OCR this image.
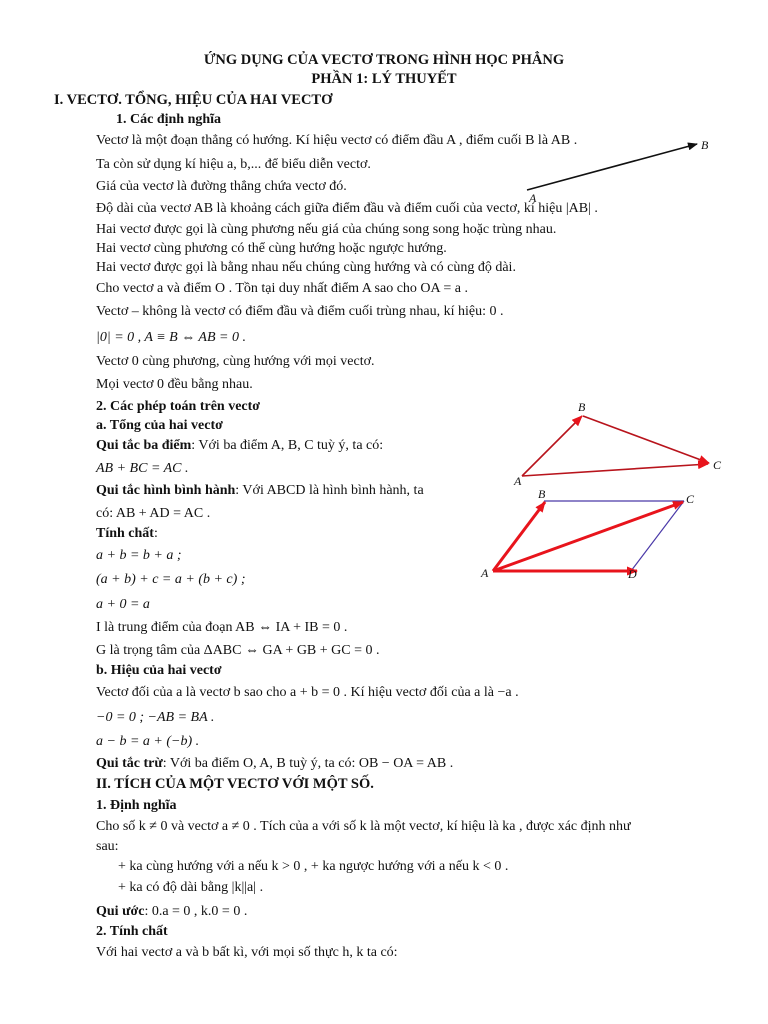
ỨNG DỤNG CỦA VECTƠ TRONG HÌNH HỌC PHẲNG
PHẦN 1: LÝ THUYẾT
I. VECTƠ. TỔNG, HIỆU CỦA HAI VECTƠ
1. Các định nghĩa
Vectơ là một đoạn thẳng có hướng. Kí hiệu vectơ có điểm đầu A , điểm cuối B là AB .
Ta còn sử dụng kí hiệu a, b,... để biểu diễn vectơ.
Giá của vectơ là đường thẳng chứa vectơ đó.
Độ dài của vectơ AB là khoảng cách giữa điểm đầu và điểm cuối của vectơ, kí hiệu |AB| .
Hai vectơ được gọi là cùng phương nếu giá của chúng song song hoặc trùng nhau.
Hai vectơ cùng phương có thể cùng hướng hoặc ngược hướng.
Hai vectơ được gọi là bằng nhau nếu chúng cùng hướng và có cùng độ dài.
Cho vectơ a và điểm O . Tồn tại duy nhất điểm A sao cho OA = a .
Vectơ – không là vectơ có điểm đầu và điểm cuối trùng nhau, kí hiệu: 0 .
|0| = 0 , A ≡ B ⇔ AB = 0 .
Vectơ 0 cùng phương, cùng hướng với mọi vectơ.
Mọi vectơ 0 đều bằng nhau.
2. Các phép toán trên vectơ
a. Tổng của hai vectơ
Qui tắc ba điểm: Với ba điểm A, B, C tuỳ ý, ta có:
AB + BC = AC .
Qui tắc hình bình hành: Với ABCD là hình bình hành, ta
có: AB + AD = AC .
Tính chất:
a + b = b + a ;
(a + b) + c = a + (b + c) ;
a + 0 = a
I là trung điểm của đoạn AB ⇔ IA + IB = 0 .
G là trọng tâm của ΔABC ⇔ GA + GB + GC = 0 .
b. Hiệu của hai vectơ
Vectơ đối của a là vectơ b sao cho a + b = 0 . Kí hiệu vectơ đối của a là −a .
−0 = 0 ; −AB = BA .
a − b = a + (−b) .
Qui tắc trừ: Với ba điểm O, A, B tuỳ ý, ta có: OB − OA = AB .
II. TÍCH CỦA MỘT VECTƠ VỚI MỘT SỐ.
1. Định nghĩa
Cho số k ≠ 0 và vectơ a ≠ 0 . Tích của a với số k là một vectơ, kí hiệu là ka , được xác định như
sau:
+ ka cùng hướng với a nếu k > 0 , + ka ngược hướng với a nếu k < 0 .
+ ka có độ dài bằng |k||a| .
Qui ước: 0.a = 0 , k.0 = 0 .
2. Tính chất
Với hai vectơ a và b bất kì, với mọi số thực h, k ta có:
A
B
A
B
C
A
B	C
D
